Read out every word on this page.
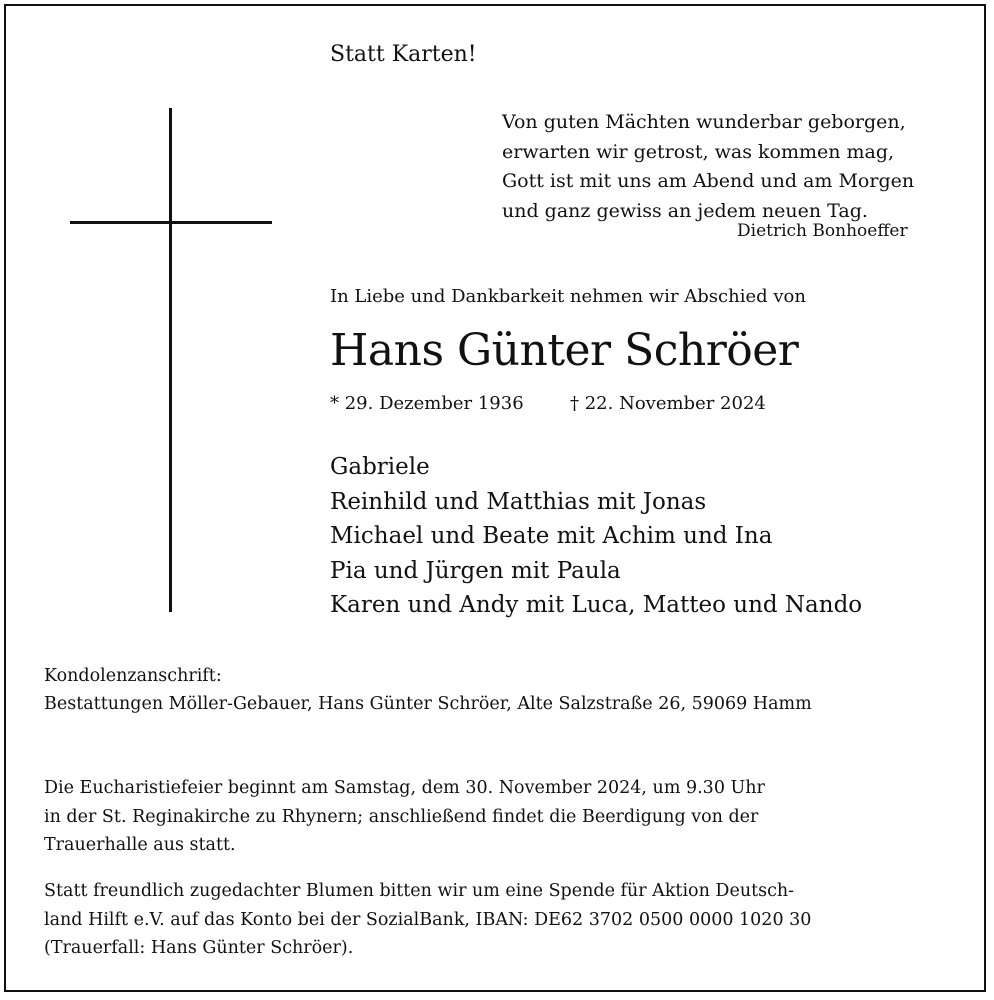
Statt Karten!
Von guten Mächten wunderbar geborgen,
erwarten wir getrost, was kommen mag,
Gott ist mit uns am Abend und am Morgen
und ganz gewiss an jedem neuen Tag.
Dietrich Bonhoeffer
In Liebe und Dankbarkeit nehmen wir Abschied von
Hans Günter Schröer
* 29. Dezember 1936	† 22. November 2024
Gabriele
Reinhild und Matthias mit Jonas
Michael und Beate mit Achim und Ina
Pia und Jürgen mit Paula
Karen und Andy mit Luca, Matteo und Nando
Kondolenzanschrift:
Bestattungen Möller-Gebauer, Hans Günter Schröer, Alte Salzstraße 26, 59069 Hamm
Die Eucharistiefeier beginnt am Samstag, dem 30. November 2024, um 9.30 Uhr
in der St. Reginakirche zu Rhynern; anschließend findet die Beerdigung von der
Trauerhalle aus statt.
Statt freundlich zugedachter Blumen bitten wir um eine Spende für Aktion Deutsch-
land Hilft e.V. auf das Konto bei der SozialBank, IBAN: DE62 3702 0500 0000 1020 30
(Trauerfall: Hans Günter Schröer).
